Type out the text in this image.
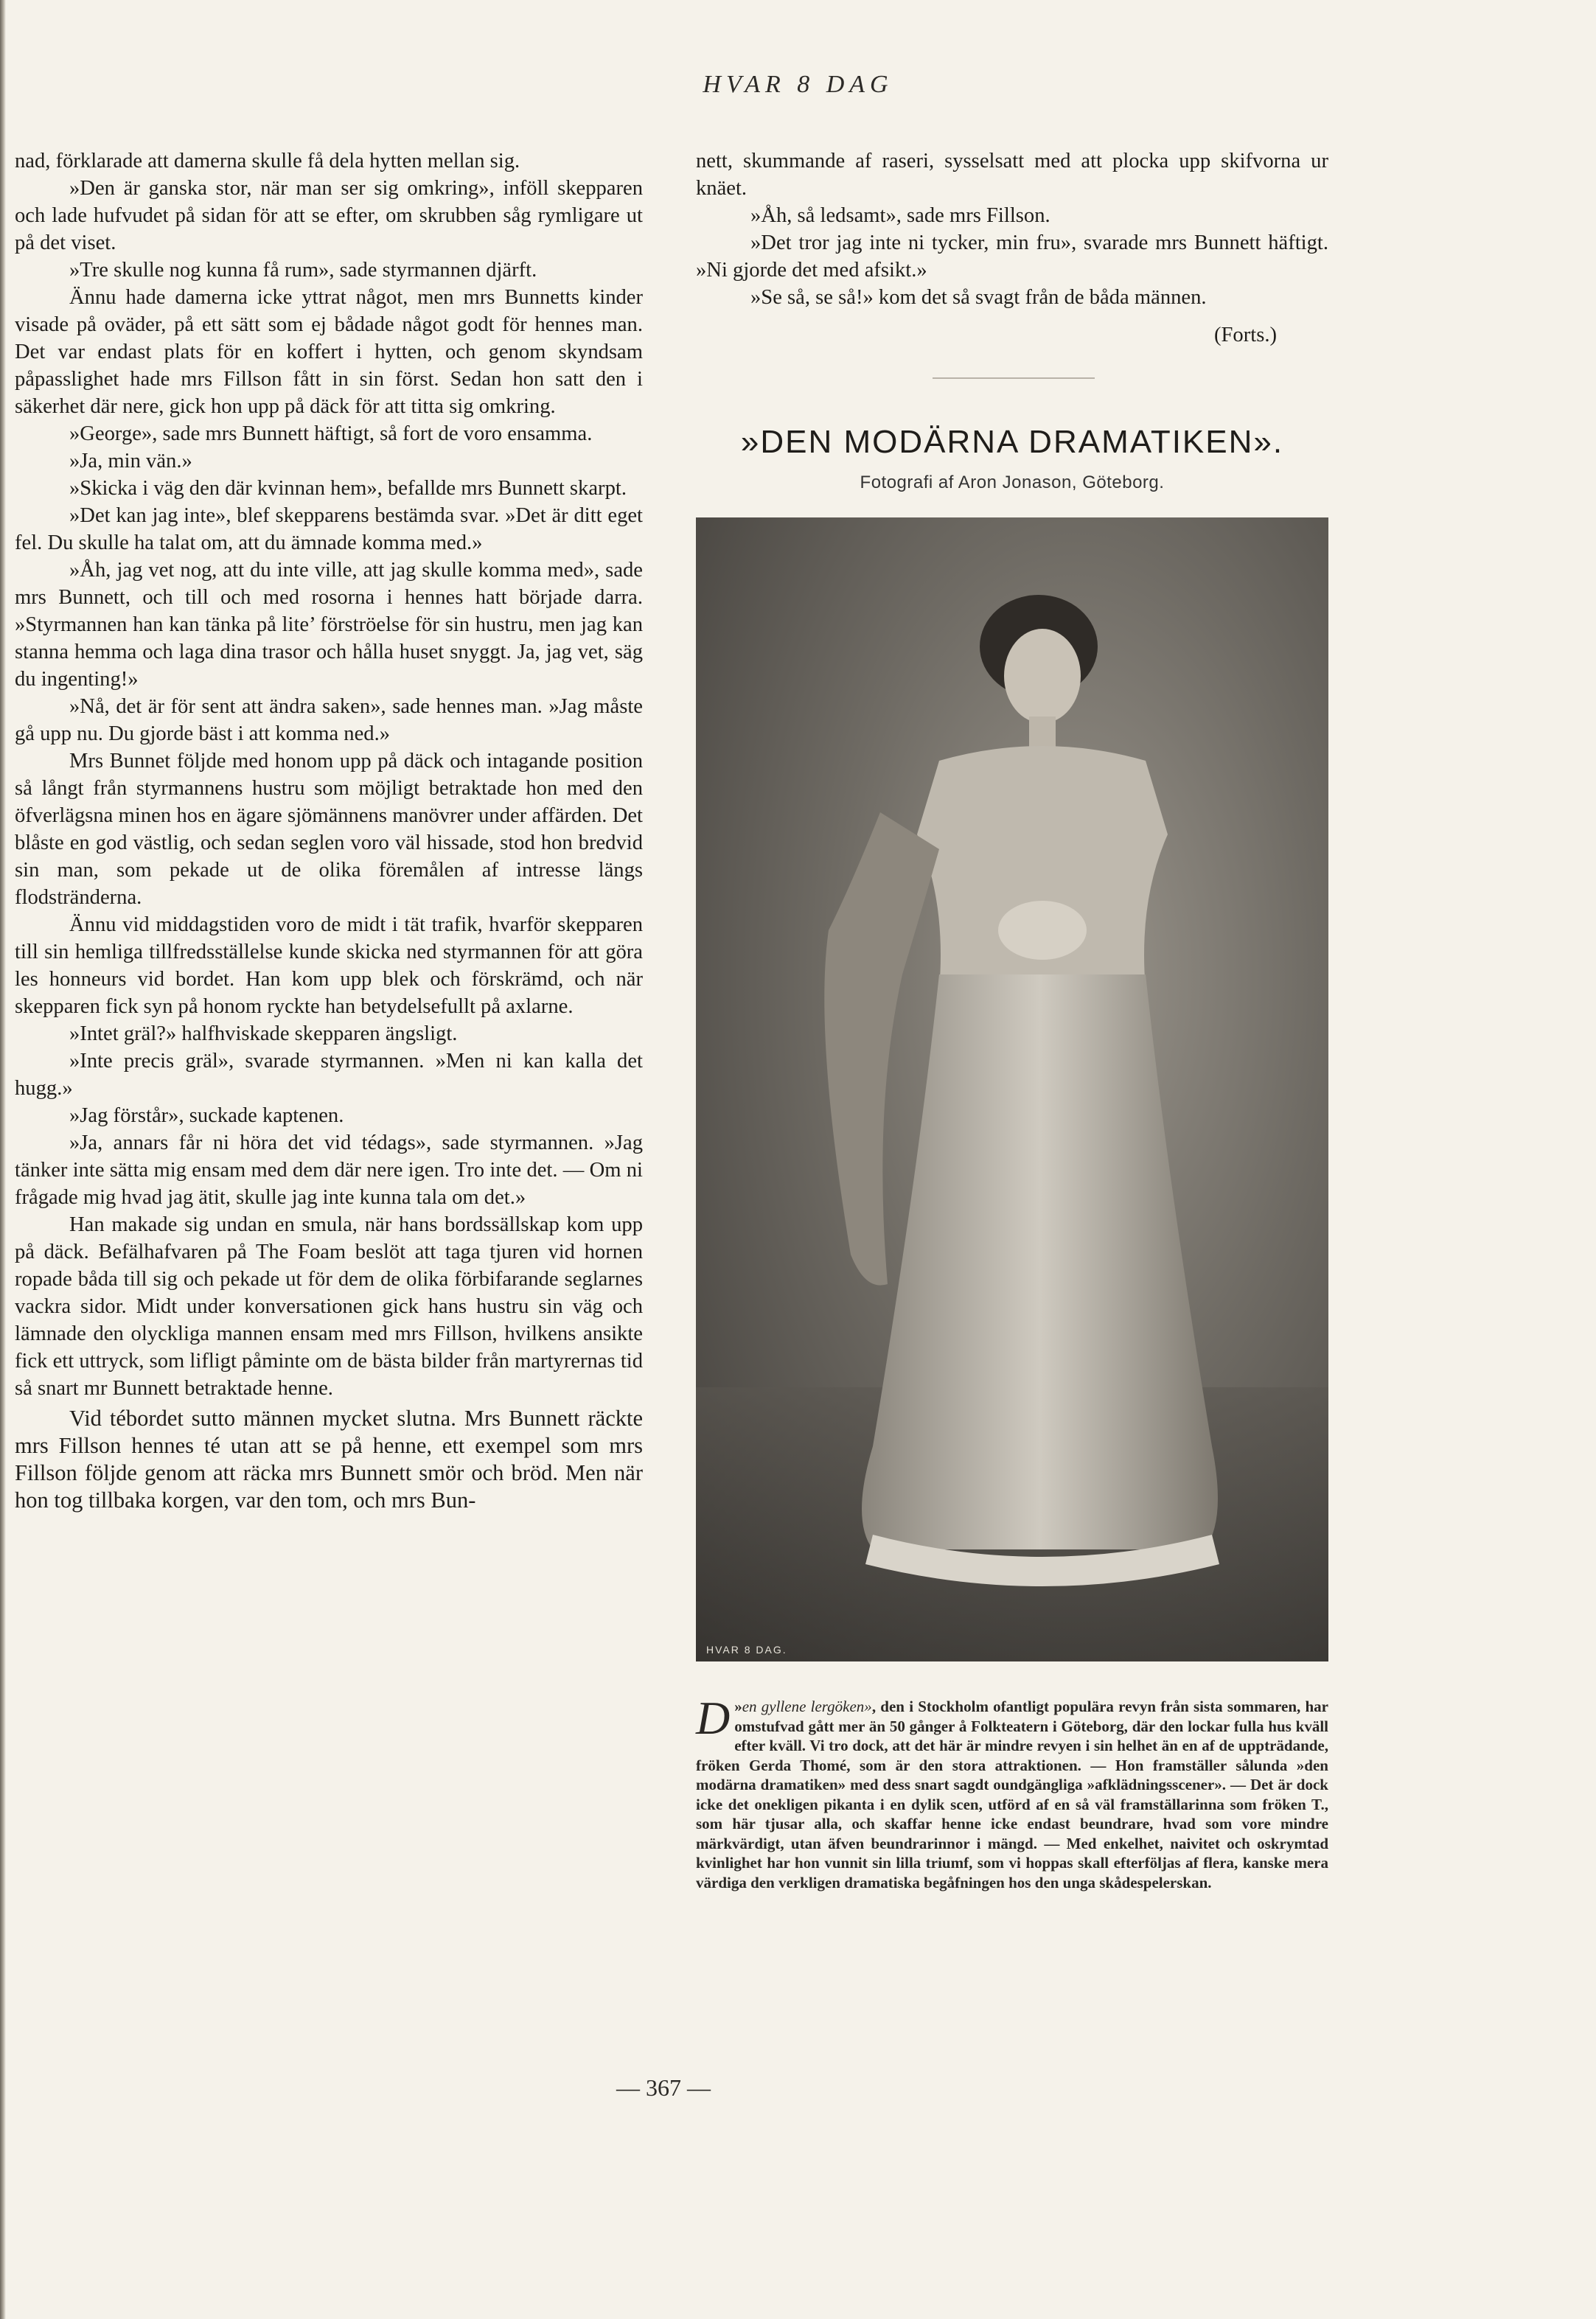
HVAR 8 DAG

nad, förklarade att damerna skulle få dela hytten mellan sig.

»Den är ganska stor, när man ser sig omkring», inföll skepparen och lade hufvudet på sidan för att se efter, om skrubben såg rymligare ut på det viset.

»Tre skulle nog kunna få rum», sade styrmannen djärft.

Ännu hade damerna icke yttrat något, men mrs Bunnetts kinder visade på oväder, på ett sätt som ej bådade något godt för hennes man. Det var endast plats för en koffert i hytten, och genom skyndsam påpasslighet hade mrs Fillson fått in sin först. Sedan hon satt den i säkerhet där nere, gick hon upp på däck för att titta sig omkring.

»George», sade mrs Bunnett häftigt, så fort de voro ensamma.

»Ja, min vän.»

»Skicka i väg den där kvinnan hem», befallde mrs Bunnett skarpt.

»Det kan jag inte», blef skepparens bestämda svar. »Det är ditt eget fel. Du skulle ha talat om, att du ämnade komma med.»

»Åh, jag vet nog, att du inte ville, att jag skulle komma med», sade mrs Bunnett, och till och med rosorna i hennes hatt började darra. »Styrmannen han kan tänka på lite’ förströelse för sin hustru, men jag kan stanna hemma och laga dina trasor och hålla huset snyggt. Ja, jag vet, säg du ingenting!»

»Nå, det är för sent att ändra saken», sade hennes man. »Jag måste gå upp nu. Du gjorde bäst i att komma ned.»

Mrs Bunnet följde med honom upp på däck och intagande position så långt från styrmannens hustru som möjligt betraktade hon med den öfverlägsna minen hos en ägare sjömännens manövrer under affärden. Det blåste en god västlig, och sedan seglen voro väl hissade, stod hon bredvid sin man, som pekade ut de olika föremålen af intresse längs flodstränderna.

Ännu vid middagstiden voro de midt i tät trafik, hvarför skepparen till sin hemliga tillfredsställelse kunde skicka ned styrmannen för att göra les honneurs vid bordet. Han kom upp blek och förskrämd, och när skepparen fick syn på honom ryckte han betydelsefullt på axlarne.

»Intet gräl?» halfhviskade skepparen ängsligt.

»Inte precis gräl», svarade styrmannen. »Men ni kan kalla det hugg.»

»Jag förstår», suckade kaptenen.

»Ja, annars får ni höra det vid tédags», sade styrmannen. »Jag tänker inte sätta mig ensam med dem där nere igen. Tro inte det. — Om ni frågade mig hvad jag ätit, skulle jag inte kunna tala om det.»

Han makade sig undan en smula, när hans bordssällskap kom upp på däck. Befälhafvaren på The Foam beslöt att taga tjuren vid hornen ropade båda till sig och pekade ut för dem de olika förbifarande seglarnes vackra sidor. Midt under konversationen gick hans hustru sin väg och lämnade den olyckliga mannen ensam med mrs Fillson, hvilkens ansikte fick ett uttryck, som lifligt påminte om de bästa bilder från martyrernas tid så snart mr Bunnett betraktade henne.

Vid tébordet sutto männen mycket slutna. Mrs Bunnett räckte mrs Fillson hennes té utan att se på henne, ett exempel som mrs Fillson följde genom att räcka mrs Bunnett smör och bröd. Men när hon tog tillbaka korgen, var den tom, och mrs Bun-

nett, skummande af raseri, sysselsatt med att plocka upp skifvorna ur knäet.

»Åh, så ledsamt», sade mrs Fillson.

»Det tror jag inte ni tycker, min fru», svarade mrs Bunnett häftigt. »Ni gjorde det med afsikt.»

»Se så, se så!» kom det så svagt från de båda männen.

(Forts.)
»DEN MODÄRNA DRAMATIKEN».
Fotografi af Aron Jonason, Göteborg.
HVAR 8 DAG.
»
D en gyllene lergöken», den i Stockholm ofantligt populära revyn från sista sommaren, har omstufvad gått mer än 50 gånger å Folkteatern i Göteborg, där den lockar fulla hus kväll efter kväll. Vi tro dock, att det här är mindre revyen i sin helhet än en af de uppträdande, fröken Gerda Thomé, som är den stora attraktionen. — Hon framställer sålunda »den modärna dramatiken» med dess snart sagdt oundgängliga »afklädningsscener». — Det är dock icke det onekligen pikanta i en dylik scen, utförd af en så väl framställarinna som fröken T., som här tjusar alla, och skaffar henne icke endast beundrare, hvad som vore mindre märkvärdigt, utan äfven beundrarinnor i mängd. — Med enkelhet, naivitet och oskrymtad kvinlighet har hon vunnit sin lilla triumf, som vi hoppas skall efterföljas af flera, kanske mera värdiga den verkligen dramatiska begåfningen hos den unga skådespelerskan.
— 367 —
